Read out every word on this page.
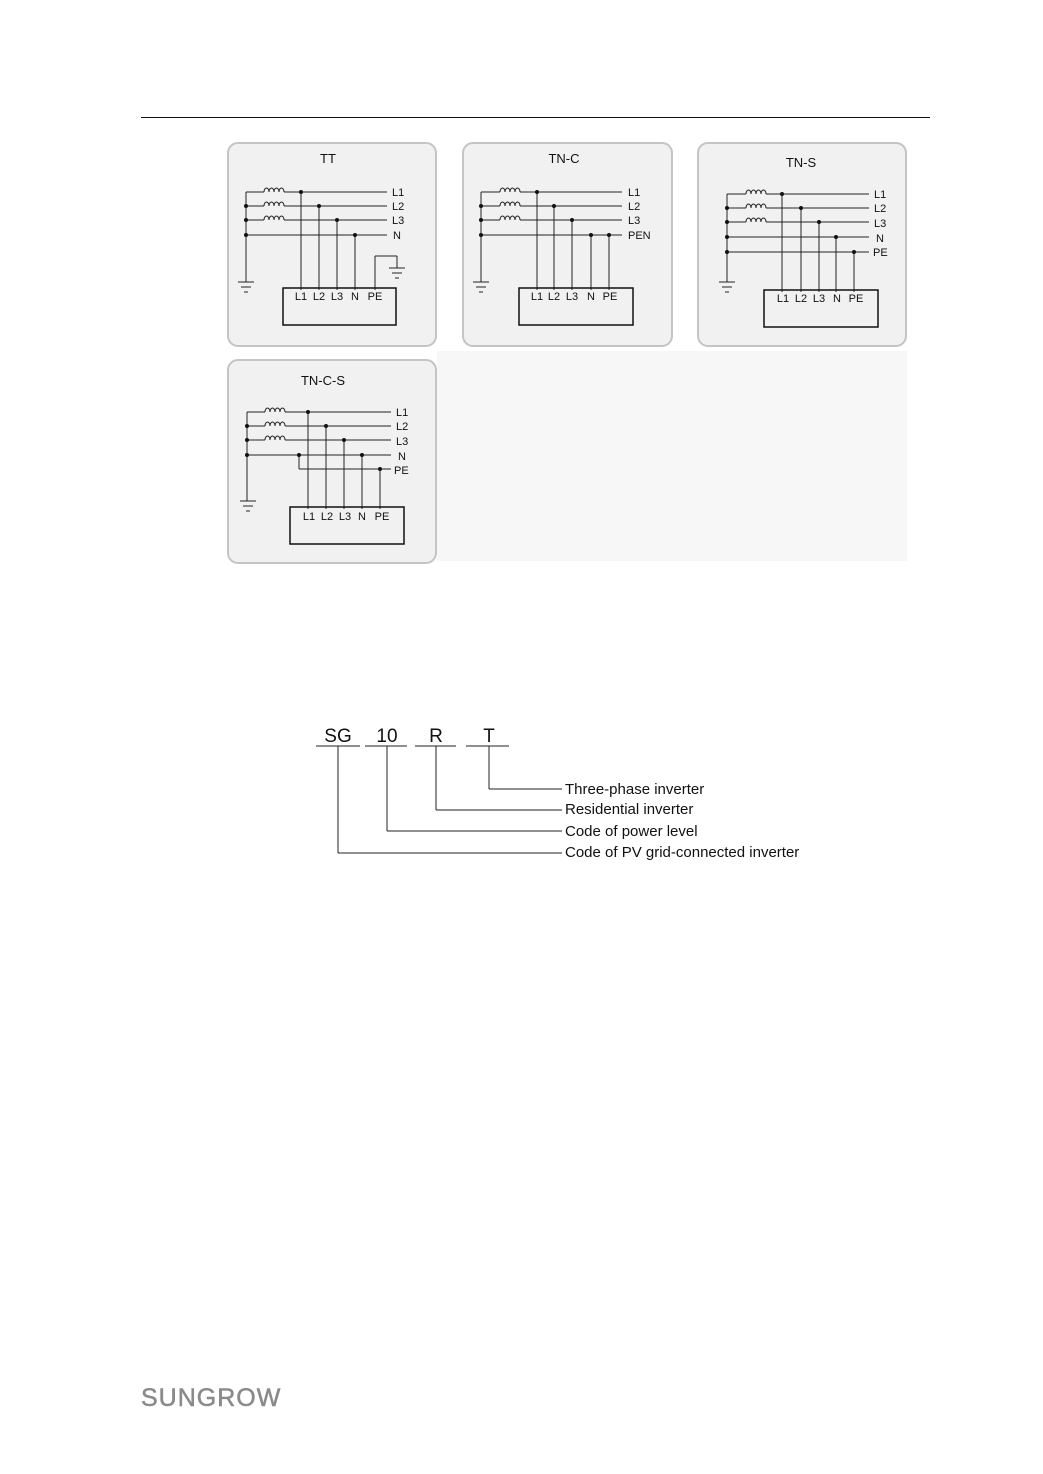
TT
L1
L2
L3
N
L1 L2 L3 N PE
TN-C
L1
L2
L3
PEN
L1 L2 L3 N PE
TN-S
L1
L2
L3
N
PE
L1 L2 L3 N PE
TN-C-S
L1
L2
L3
N
PE
L1 L2 L3 N PE
SG 10 R T
Three-phase inverter
Residential inverter
Code of power level
Code of PV grid-connected inverter
SUNGROW
